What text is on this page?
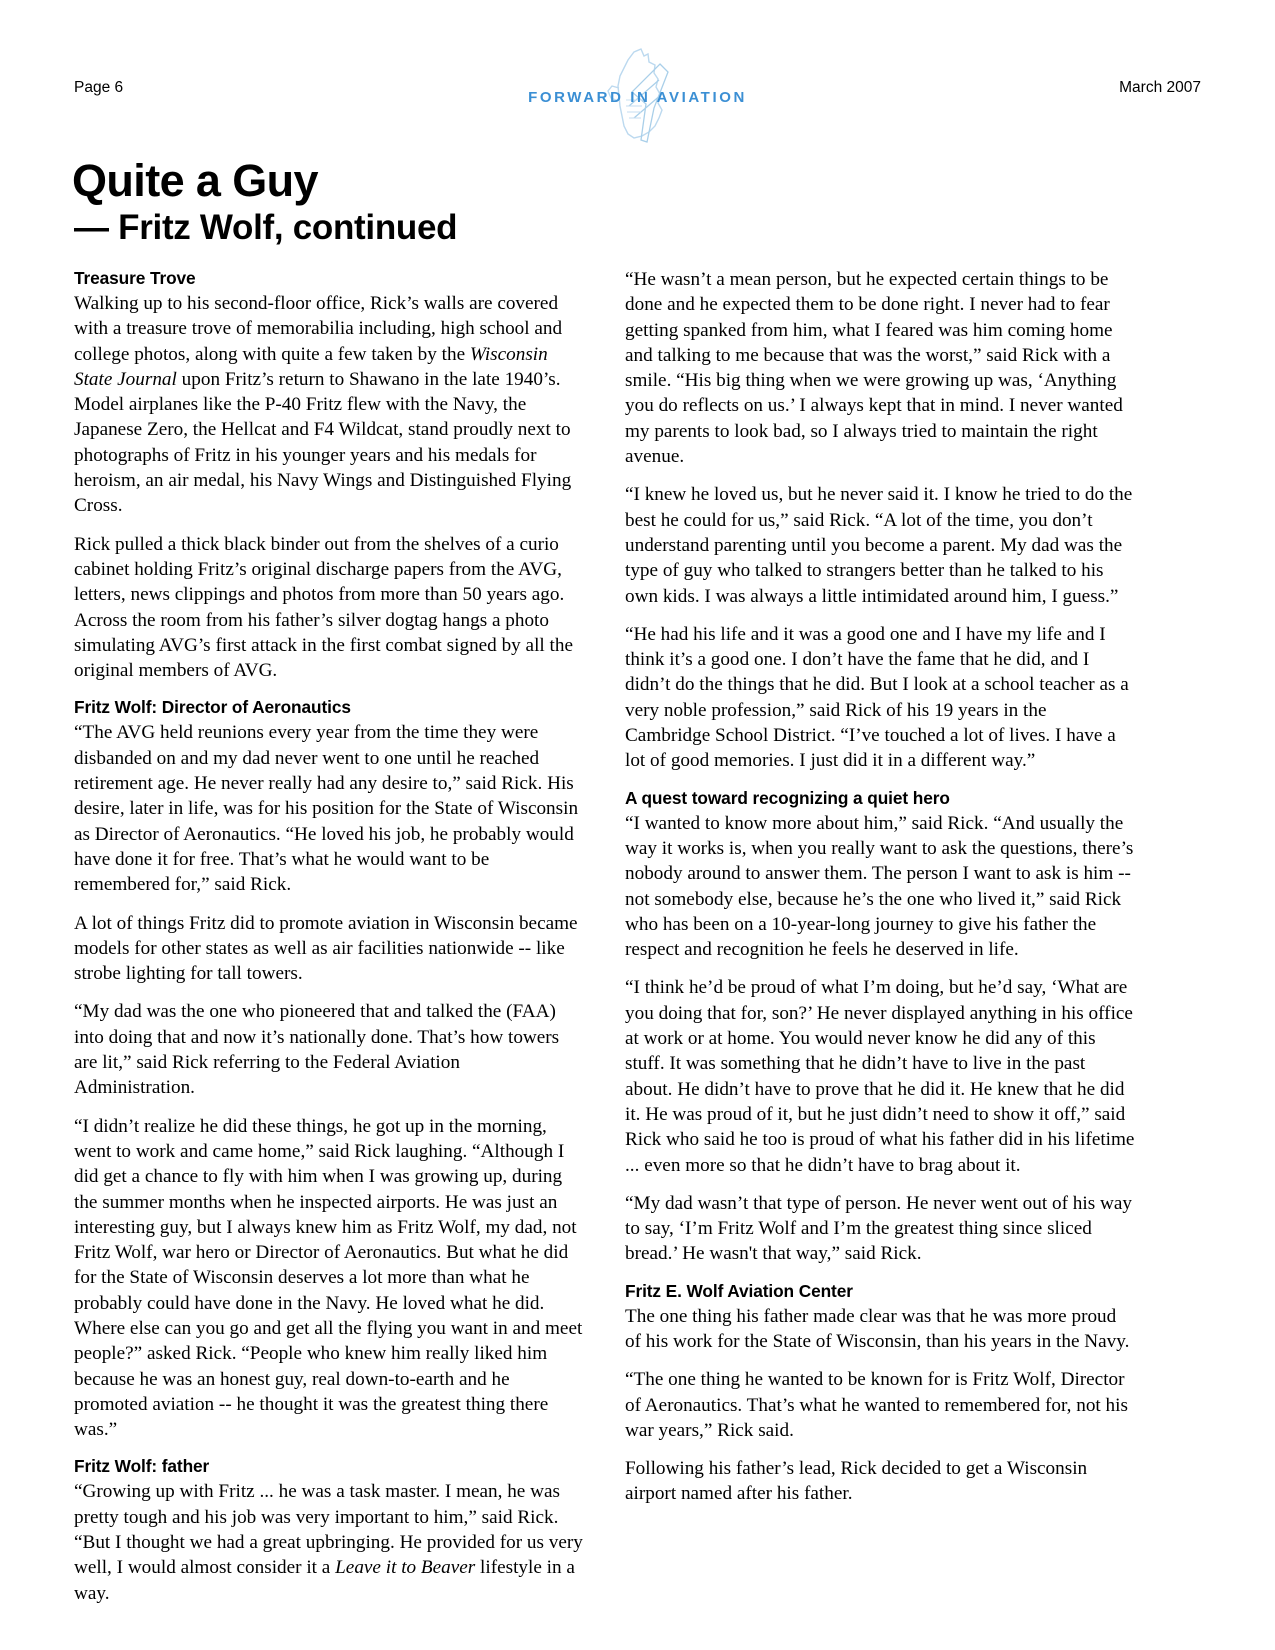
Page 6
FORWARD IN AVIATION
March 2007
Quite a Guy
— Fritz Wolf, continued
Treasure Trove

Walking up to his second-floor office, Rick’s walls are covered with a treasure trove of memorabilia including, high school and college photos, along with quite a few taken by the Wisconsin State Journal upon Fritz’s return to Shawano in the late 1940’s. Model airplanes like the P-40 Fritz flew with the Navy, the Japanese Zero, the Hellcat and F4 Wildcat, stand proudly next to photographs of Fritz in his younger years and his medals for heroism, an air medal, his Navy Wings and Distinguished Flying Cross.

Rick pulled a thick black binder out from the shelves of a curio cabinet holding Fritz’s original discharge papers from the AVG, letters, news clippings and photos from more than 50 years ago. Across the room from his father’s silver dogtag hangs a photo simulating AVG’s first attack in the first combat signed by all the original members of AVG.

Fritz Wolf: Director of Aeronautics

“The AVG held reunions every year from the time they were disbanded on and my dad never went to one until he reached retirement age. He never really had any desire to,” said Rick. His desire, later in life, was for his position for the State of Wisconsin as Director of Aeronautics. “He loved his job, he probably would have done it for free. That’s what he would want to be remembered for,” said Rick.

A lot of things Fritz did to promote aviation in Wisconsin became models for other states as well as air facilities nationwide -- like strobe lighting for tall towers.

“My dad was the one who pioneered that and talked the (FAA) into doing that and now it’s nationally done. That’s how towers are lit,” said Rick referring to the Federal Aviation Administration.

“I didn’t realize he did these things, he got up in the morning, went to work and came home,” said Rick laughing. “Although I did get a chance to fly with him when I was growing up, during the summer months when he inspected airports. He was just an interesting guy, but I always knew him as Fritz Wolf, my dad, not Fritz Wolf, war hero or Director of Aeronautics. But what he did for the State of Wisconsin deserves a lot more than what he probably could have done in the Navy. He loved what he did. Where else can you go and get all the flying you want in and meet people?” asked Rick. “People who knew him really liked him because he was an honest guy, real down-to-earth and he promoted aviation -- he thought it was the greatest thing there was.”

Fritz Wolf: father

“Growing up with Fritz ... he was a task master. I mean, he was pretty tough and his job was very important to him,” said Rick. “But I thought we had a great upbringing. He provided for us very well, I would almost consider it a Leave it to Beaver lifestyle in a way.

“He wasn’t a mean person, but he expected certain things to be done and he expected them to be done right. I never had to fear getting spanked from him, what I feared was him coming home and talking to me because that was the worst,” said Rick with a smile. “His big thing when we were growing up was, ‘Anything you do reflects on us.’ I always kept that in mind. I never wanted my parents to look bad, so I always tried to maintain the right avenue.

“I knew he loved us, but he never said it. I know he tried to do the best he could for us,” said Rick. “A lot of the time, you don’t understand parenting until you become a parent. My dad was the type of guy who talked to strangers better than he talked to his own kids. I was always a little intimidated around him, I guess.”

“He had his life and it was a good one and I have my life and I think it’s a good one. I don’t have the fame that he did, and I didn’t do the things that he did. But I look at a school teacher as a very noble profession,” said Rick of his 19 years in the Cambridge School District. “I’ve touched a lot of lives. I have a lot of good memories. I just did it in a different way.”

A quest toward recognizing a quiet hero

“I wanted to know more about him,” said Rick. “And usually the way it works is, when you really want to ask the questions, there’s nobody around to answer them. The person I want to ask is him -- not somebody else, because he’s the one who lived it,” said Rick who has been on a 10-year-long journey to give his father the respect and recognition he feels he deserved in life.

“I think he’d be proud of what I’m doing, but he’d say, ‘What are you doing that for, son?’ He never displayed anything in his office at work or at home. You would never know he did any of this stuff. It was something that he didn’t have to live in the past about. He didn’t have to prove that he did it. He knew that he did it. He was proud of it, but he just didn’t need to show it off,” said Rick who said he too is proud of what his father did in his lifetime ... even more so that he didn’t have to brag about it.

“My dad wasn’t that type of person. He never went out of his way to say, ‘I’m Fritz Wolf and I’m the greatest thing since sliced bread.’ He wasn't that way,” said Rick.

Fritz E. Wolf Aviation Center

The one thing his father made clear was that he was more proud of his work for the State of Wisconsin, than his years in the Navy.

“The one thing he wanted to be known for is Fritz Wolf, Director of Aeronautics. That’s what he wanted to remembered for, not his war years,” Rick said.

Following his father’s lead, Rick decided to get a Wisconsin airport named after his father.
